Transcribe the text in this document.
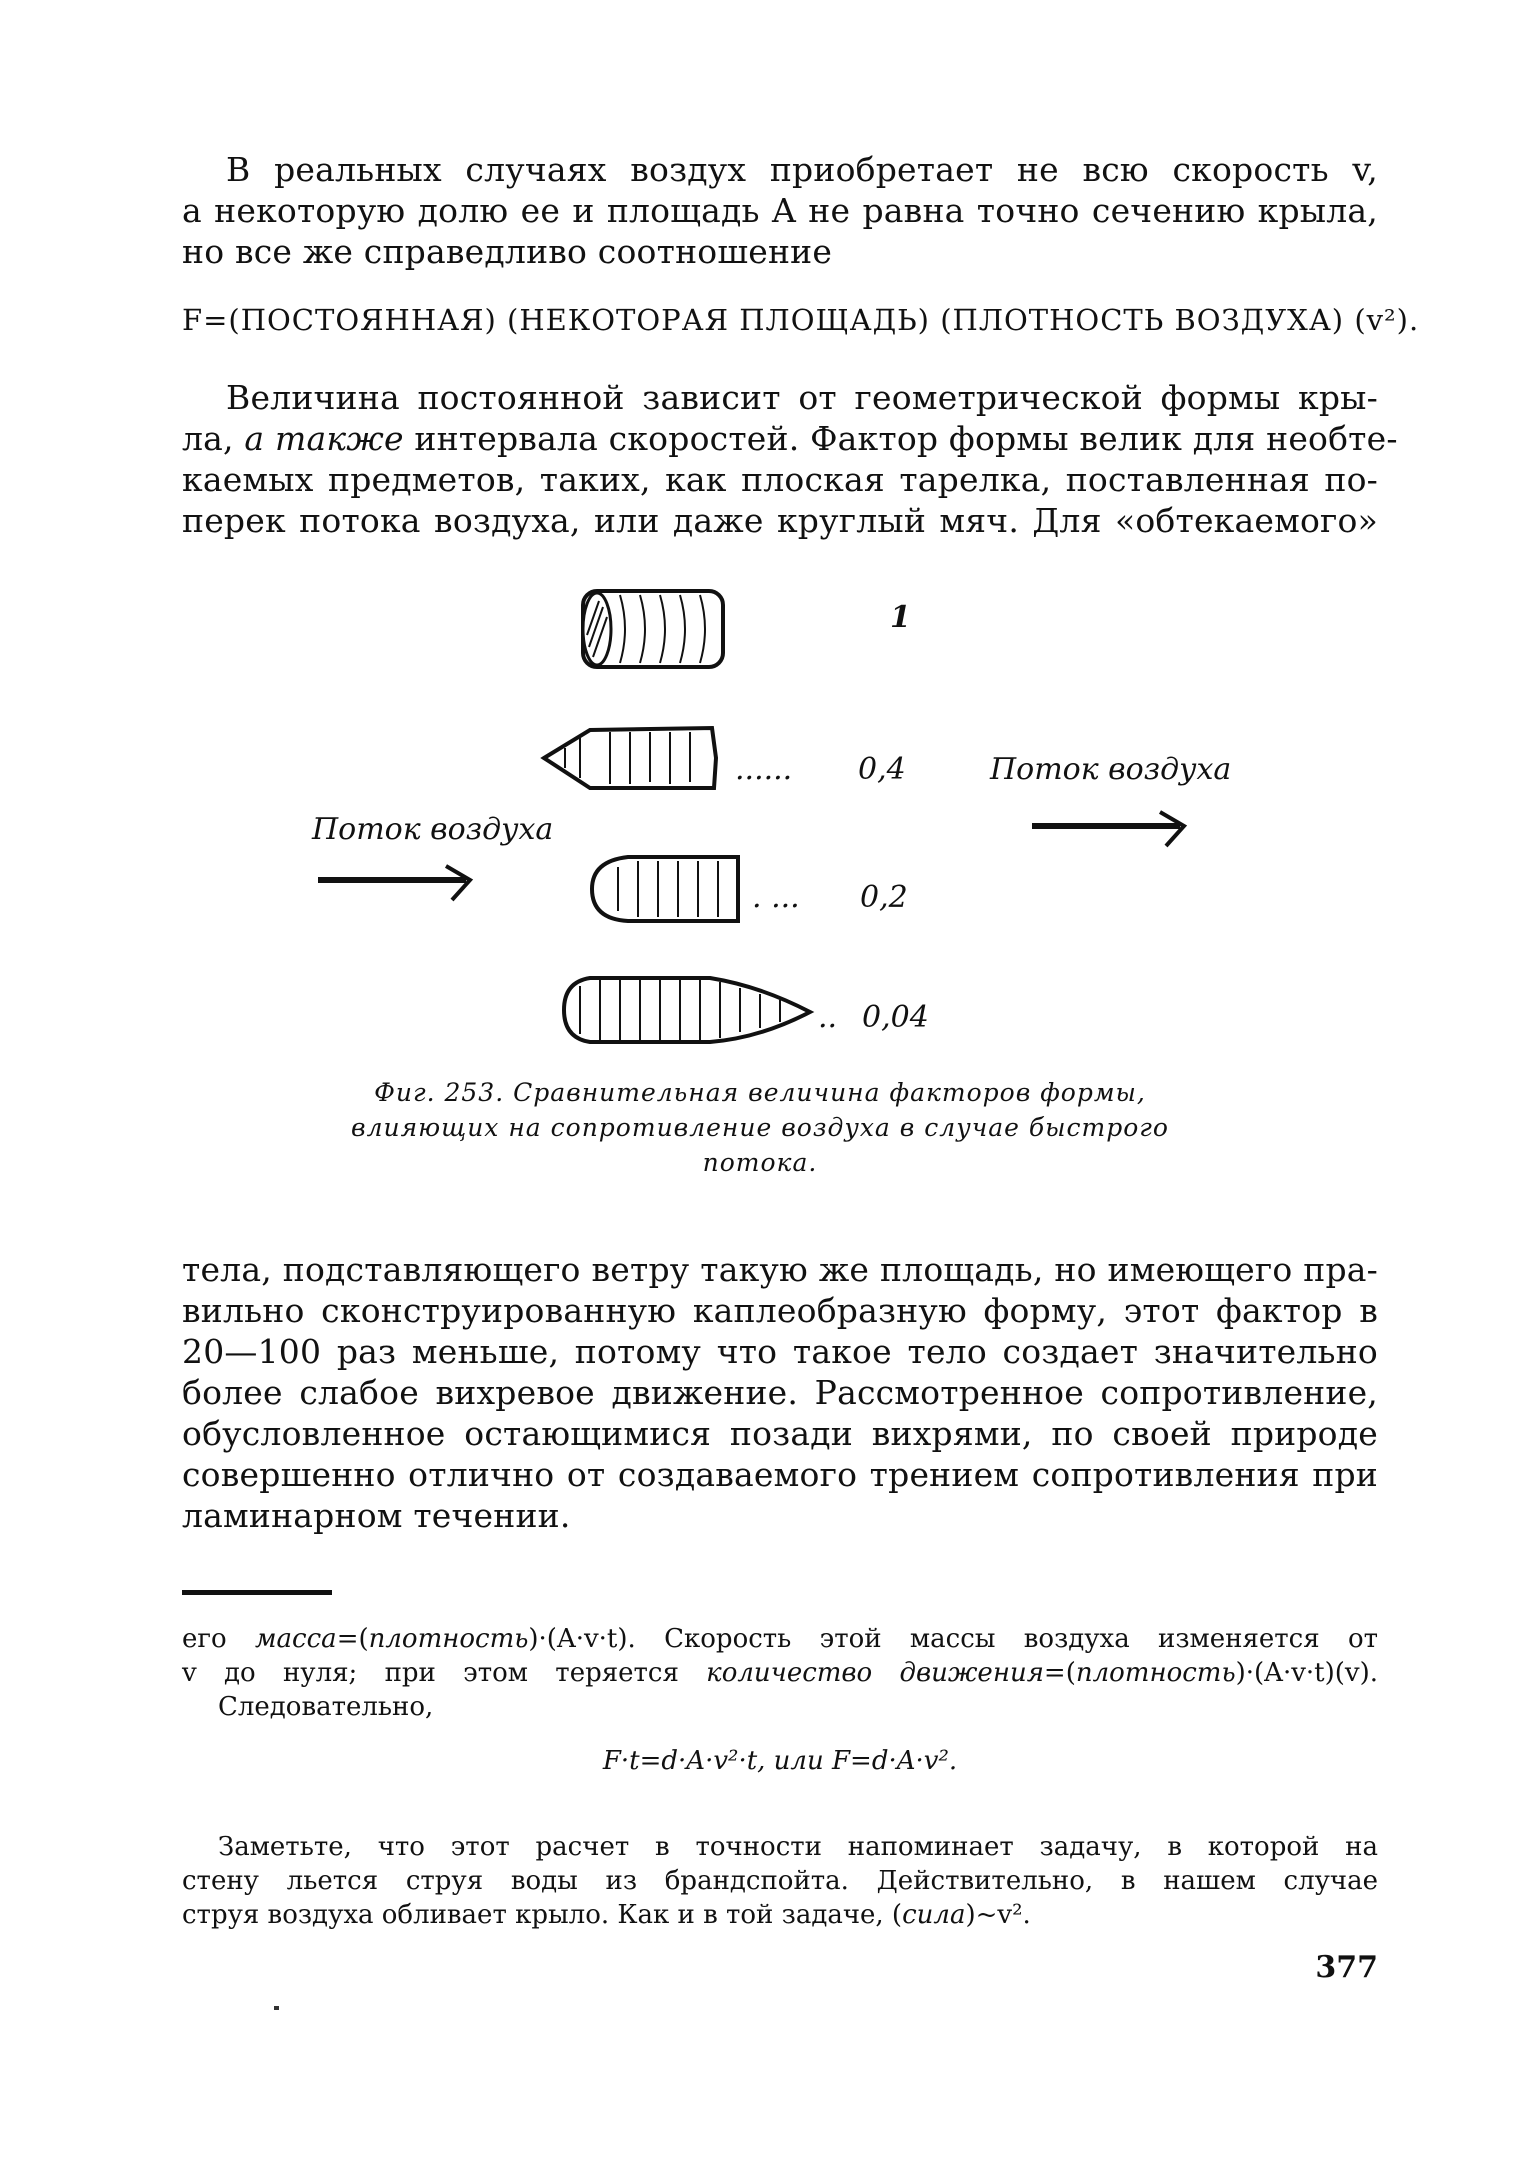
В реальных случаях воздух приобретает не всю скорость v,
а некоторую долю ее и площадь A не равна точно сечению крыла,
но все же справедливо соотношение
F=(ПОСТОЯННАЯ) (НЕКОТОРАЯ ПЛОЩАДЬ) (ПЛОТНОСТЬ ВОЗДУХА) (v²).
Величина постоянной зависит от геометрической формы кры-
ла, а также интервала скоростей. Фактор формы велик для необте-
каемых предметов, таких, как плоская тарелка, поставленная по-
перек потока воздуха, или даже круглый мяч. Для «обтекаемого»
1
...... 0,4	Поток воздуха
Поток воздуха
. ... 0,2
.. 0,04
Фиг. 253. Сравнительная величина факторов формы,
влияющих на сопротивление воздуха в случае быстрого
потока.
тела, подставляющего ветру такую же площадь, но имеющего пра-
вильно сконструированную каплеобразную форму, этот фактор в
20—100 раз меньше, потому что такое тело создает значительно
более слабое вихревое движение. Рассмотренное сопротивление,
обусловленное остающимися позади вихрями, по своей природе
совершенно отлично от создаваемого трением сопротивления при
ламинарном течении.
его масса=(плотность)·(A·v·t). Скорость этой массы воздуха изменяется от
v до нуля; при этом теряется количество движения=(плотность)·(A·v·t)(v).
Следовательно,
F·t=d·A·v²·t, или F=d·A·v².
Заметьте, что этот расчет в точности напоминает задачу, в которой на
стену льется струя воды из брандспойта. Действительно, в нашем случае
струя воздуха обливает крыло. Как и в той задаче, (сила)~v².
377
